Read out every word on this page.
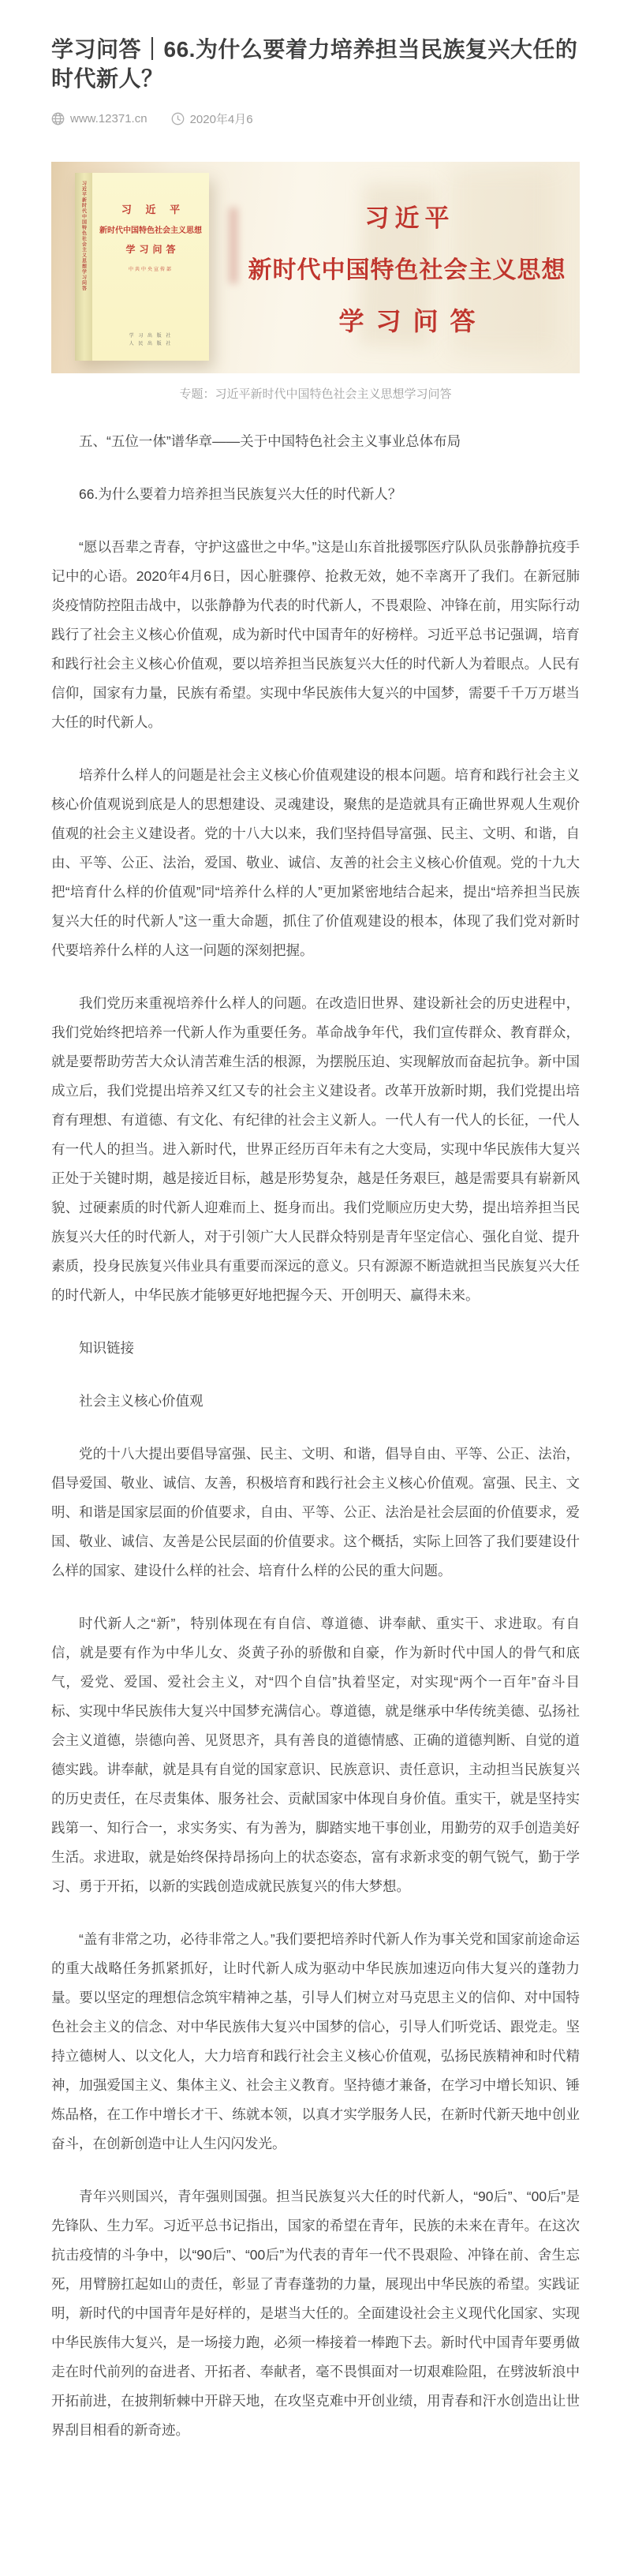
学习问答｜66.为什么要着力培养担当民族复兴大任的时代新人？
www.12371.cn	2020年4月6
习近平新时代中国特色社会主义思想学习问答	习 近 平
新时代中国特色社会主义思想
学习问答
中共中央宣传部
学 习 出 版 社
人 民 出 版 社
习近平
新时代中国特色社会主义思想
学习问答
专题：习近平新时代中国特色社会主义思想学习问答

五、“五位一体”谱华章——关于中国特色社会主义事业总体布局

66.为什么要着力培养担当民族复兴大任的时代新人？

“愿以吾辈之青春，守护这盛世之中华。”这是山东首批援鄂医疗队队员张静静抗疫手记中的心语。2020年4月6日，因心脏骤停、抢救无效，她不幸离开了我们。在新冠肺炎疫情防控阻击战中，以张静静为代表的时代新人，不畏艰险、冲锋在前，用实际行动践行了社会主义核心价值观，成为新时代中国青年的好榜样。习近平总书记强调，培育和践行社会主义核心价值观，要以培养担当民族复兴大任的时代新人为着眼点。人民有信仰，国家有力量，民族有希望。实现中华民族伟大复兴的中国梦，需要千千万万堪当大任的时代新人。

培养什么样人的问题是社会主义核心价值观建设的根本问题。培育和践行社会主义核心价值观说到底是人的思想建设、灵魂建设，聚焦的是造就具有正确世界观人生观价值观的社会主义建设者。党的十八大以来，我们坚持倡导富强、民主、文明、和谐，自由、平等、公正、法治，爱国、敬业、诚信、友善的社会主义核心价值观。党的十九大把“培育什么样的价值观”同“培养什么样的人”更加紧密地结合起来，提出“培养担当民族复兴大任的时代新人”这一重大命题，抓住了价值观建设的根本，体现了我们党对新时代要培养什么样的人这一问题的深刻把握。

我们党历来重视培养什么样人的问题。在改造旧世界、建设新社会的历史进程中，我们党始终把培养一代新人作为重要任务。革命战争年代，我们宣传群众、教育群众，就是要帮助劳苦大众认清苦难生活的根源，为摆脱压迫、实现解放而奋起抗争。新中国成立后，我们党提出培养又红又专的社会主义建设者。改革开放新时期，我们党提出培育有理想、有道德、有文化、有纪律的社会主义新人。一代人有一代人的长征，一代人有一代人的担当。进入新时代，世界正经历百年未有之大变局，实现中华民族伟大复兴正处于关键时期，越是接近目标，越是形势复杂，越是任务艰巨，越是需要具有崭新风貌、过硬素质的时代新人迎难而上、挺身而出。我们党顺应历史大势，提出培养担当民族复兴大任的时代新人，对于引领广大人民群众特别是青年坚定信心、强化自觉、提升素质，投身民族复兴伟业具有重要而深远的意义。只有源源不断造就担当民族复兴大任的时代新人，中华民族才能够更好地把握今天、开创明天、赢得未来。

知识链接

社会主义核心价值观

党的十八大提出要倡导富强、民主、文明、和谐，倡导自由、平等、公正、法治，倡导爱国、敬业、诚信、友善，积极培育和践行社会主义核心价值观。富强、民主、文明、和谐是国家层面的价值要求，自由、平等、公正、法治是社会层面的价值要求，爱国、敬业、诚信、友善是公民层面的价值要求。这个概括，实际上回答了我们要建设什么样的国家、建设什么样的社会、培育什么样的公民的重大问题。

时代新人之“新”，特别体现在有自信、尊道德、讲奉献、重实干、求进取。有自信，就是要有作为中华儿女、炎黄子孙的骄傲和自豪，作为新时代中国人的骨气和底气，爱党、爱国、爱社会主义，对“四个自信”执着坚定，对实现“两个一百年”奋斗目标、实现中华民族伟大复兴中国梦充满信心。尊道德，就是继承中华传统美德、弘扬社会主义道德，崇德向善、见贤思齐，具有善良的道德情感、正确的道德判断、自觉的道德实践。讲奉献，就是具有自觉的国家意识、民族意识、责任意识，主动担当民族复兴的历史责任，在尽责集体、服务社会、贡献国家中体现自身价值。重实干，就是坚持实践第一、知行合一，求实务实、有为善为，脚踏实地干事创业，用勤劳的双手创造美好生活。求进取，就是始终保持昂扬向上的状态姿态，富有求新求变的朝气锐气，勤于学习、勇于开拓，以新的实践创造成就民族复兴的伟大梦想。

“盖有非常之功，必待非常之人。”我们要把培养时代新人作为事关党和国家前途命运的重大战略任务抓紧抓好，让时代新人成为驱动中华民族加速迈向伟大复兴的蓬勃力量。要以坚定的理想信念筑牢精神之基，引导人们树立对马克思主义的信仰、对中国特色社会主义的信念、对中华民族伟大复兴中国梦的信心，引导人们听党话、跟党走。坚持立德树人、以文化人，大力培育和践行社会主义核心价值观，弘扬民族精神和时代精神，加强爱国主义、集体主义、社会主义教育。坚持德才兼备，在学习中增长知识、锤炼品格，在工作中增长才干、练就本领，以真才实学服务人民，在新时代新天地中创业奋斗，在创新创造中让人生闪闪发光。

青年兴则国兴，青年强则国强。担当民族复兴大任的时代新人，“90后”、“00后”是先锋队、生力军。习近平总书记指出，国家的希望在青年，民族的未来在青年。在这次抗击疫情的斗争中，以“90后”、“00后”为代表的青年一代不畏艰险、冲锋在前、舍生忘死，用臂膀扛起如山的责任，彰显了青春蓬勃的力量，展现出中华民族的希望。实践证明，新时代的中国青年是好样的，是堪当大任的。全面建设社会主义现代化国家、实现中华民族伟大复兴，是一场接力跑，必须一棒接着一棒跑下去。新时代中国青年要勇做走在时代前列的奋进者、开拓者、奉献者，毫不畏惧面对一切艰难险阻，在劈波斩浪中开拓前进，在披荆斩棘中开辟天地，在攻坚克难中开创业绩，用青春和汗水创造出让世界刮目相看的新奇迹。
